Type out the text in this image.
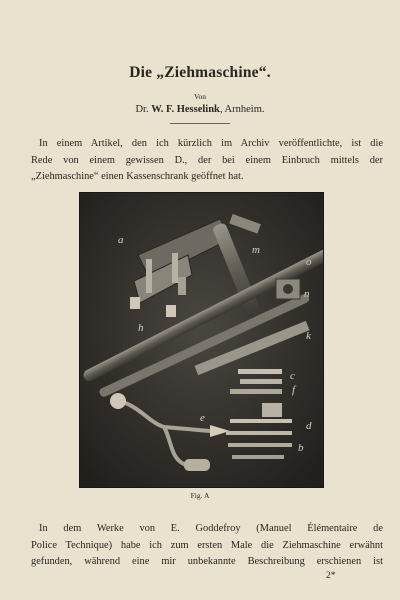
Die „Ziehmaschine“.
Von
Dr. W. F. Hesselink, Arnheim.
In einem Artikel, den ich kürzlich im Archiv veröffentlichte, ist die
Rede von einem gewissen D., der bei einem Einbruch mittels der
„Ziehmaschine“ einen Kassenschrank geöffnet hat.
a
m
o
n
h
k
e
b
c
d
f
Fig. A
In dem Werke von E. Goddefroy (Manuel Élémentaire de
Police Technique) habe ich zum ersten Male die Ziehmaschine erwähnt
gefunden, während eine mir unbekannte Beschreibung erschienen ist
2*
